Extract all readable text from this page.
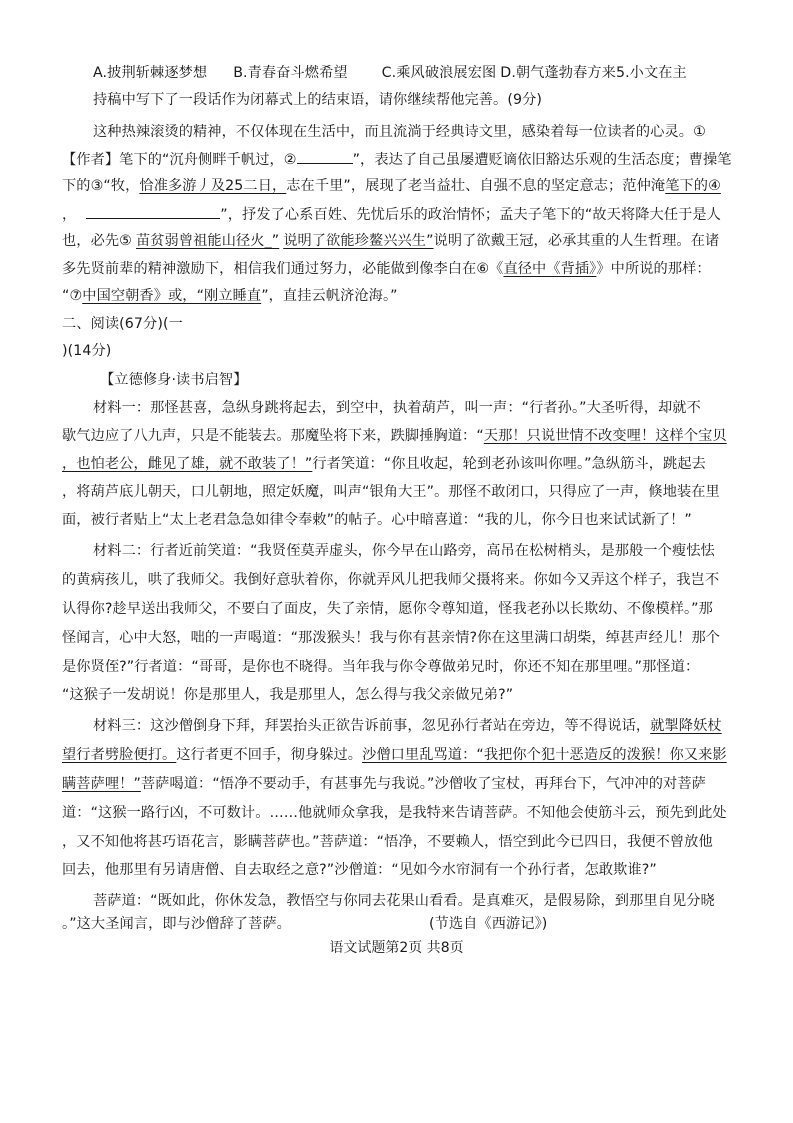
A.披荆斩棘逐梦想 B.青春奋斗燃希望 C.乘风破浪展宏图 D.朝气蓬勃春方来5.小文在主
持稿中写下了一段话作为闭幕式上的结束语，请你继续帮他完善。(9分)
这种热辣滚烫的精神，不仅体现在生活中，而且流淌于经典诗文里，感染着每一位读者的心灵。①
【作者】笔下的“沉舟侧畔千帆过，②	”，表达了自己虽屡遭贬谪依旧豁达乐观的生活态度；曹操笔
下的③“牧，恰准多游丿及25二日，志在千里”，展现了老当益壮、自强不息的坚定意志；范仲淹笔下的④
，	”，抒发了心系百姓、先忧后乐的政治情怀；孟夫子笔下的“故天将降大任于是人
也，必先⑤ 苗贫弱曾祖能山径火_” 说明了欲能珍鳌兴兴生”说明了欲戴王冠，必承其重的人生哲理。在诸
多先贤前辈的精神激励下，相信我们通过努力，必能做到像李白在⑥《直径中《背插》》中所说的那样：
“⑦中国空朝香》或，“刚立睡直”，直挂云帆济沧海。”
二、阅读(67分)(一
)(14分)
【立德修身·读书启智】
材料一：那怪甚喜，急纵身跳将起去，到空中，执着葫芦，叫一声：“行者孙。”大圣听得，却就不
歇气边应了八九声，只是不能装去。那魔坠将下来，跌脚捶胸道：“天那！只说世情不改变哩！这样个宝贝
，也怕老公，雌见了雄，就不敢装了！”行者笑道：“你且收起，轮到老孙该叫你哩。”急纵筋斗，跳起去
，将葫芦底儿朝天，口儿朝地，照定妖魔，叫声“银角大王”。那怪不敢闭口，只得应了一声，倏地装在里
面，被行者贴上“太上老君急急如律令奉敕”的帖子。心中暗喜道：“我的儿，你今日也来试试新了！”
材料二：行者近前笑道：“我贤侄莫弄虚头，你今早在山路旁，高吊在松树梢头，是那般一个瘦怯怯
的黄病孩儿，哄了我师父。我倒好意驮着你，你就弄风儿把我师父摄将来。你如今又弄这个样子，我岂不
认得你?趁早送出我师父，不要白了面皮，失了亲情，愿你令尊知道，怪我老孙以长欺幼、不像模样。”那
怪闻言，心中大怒，咄的一声喝道：“那泼猴头！我与你有甚亲情?你在这里满口胡柴，绰甚声经儿！那个
是你贤侄?”行者道：“哥哥，是你也不晓得。当年我与你令尊做弟兄时，你还不知在那里哩。”那怪道：
“这猴子一发胡说！你是那里人，我是那里人，怎么得与我父亲做兄弟?”
材料三：这沙僧倒身下拜，拜罢抬头正欲告诉前事，忽见孙行者站在旁边，等不得说话，就掣降妖杖
望行者劈脸便打。这行者更不回手，彻身躲过。沙僧口里乱骂道：“我把你个犯十恶造反的泼猴！你又来影
瞒菩萨哩！”菩萨喝道：“悟净不要动手，有甚事先与我说。”沙僧收了宝杖，再拜台下，气冲冲的对菩萨
道：“这猴一路行凶，不可数计。……他就师众拿我，是我特来告请菩萨。不知他会使筋斗云，预先到此处
，又不知他将甚巧语花言，影瞒菩萨也。”菩萨道：“悟净，不要赖人，悟空到此今已四日，我便不曾放他
回去，他那里有另请唐僧、自去取经之意?”沙僧道：“见如今水帘洞有一个孙行者，怎敢欺谁?”
菩萨道：“既如此，你休发急，教悟空与你同去花果山看看。是真难灭，是假易除，到那里自见分晓
。”这大圣闻言，即与沙僧辞了菩萨。	(节选自《西游记》)
语文试题第2页 共8页
